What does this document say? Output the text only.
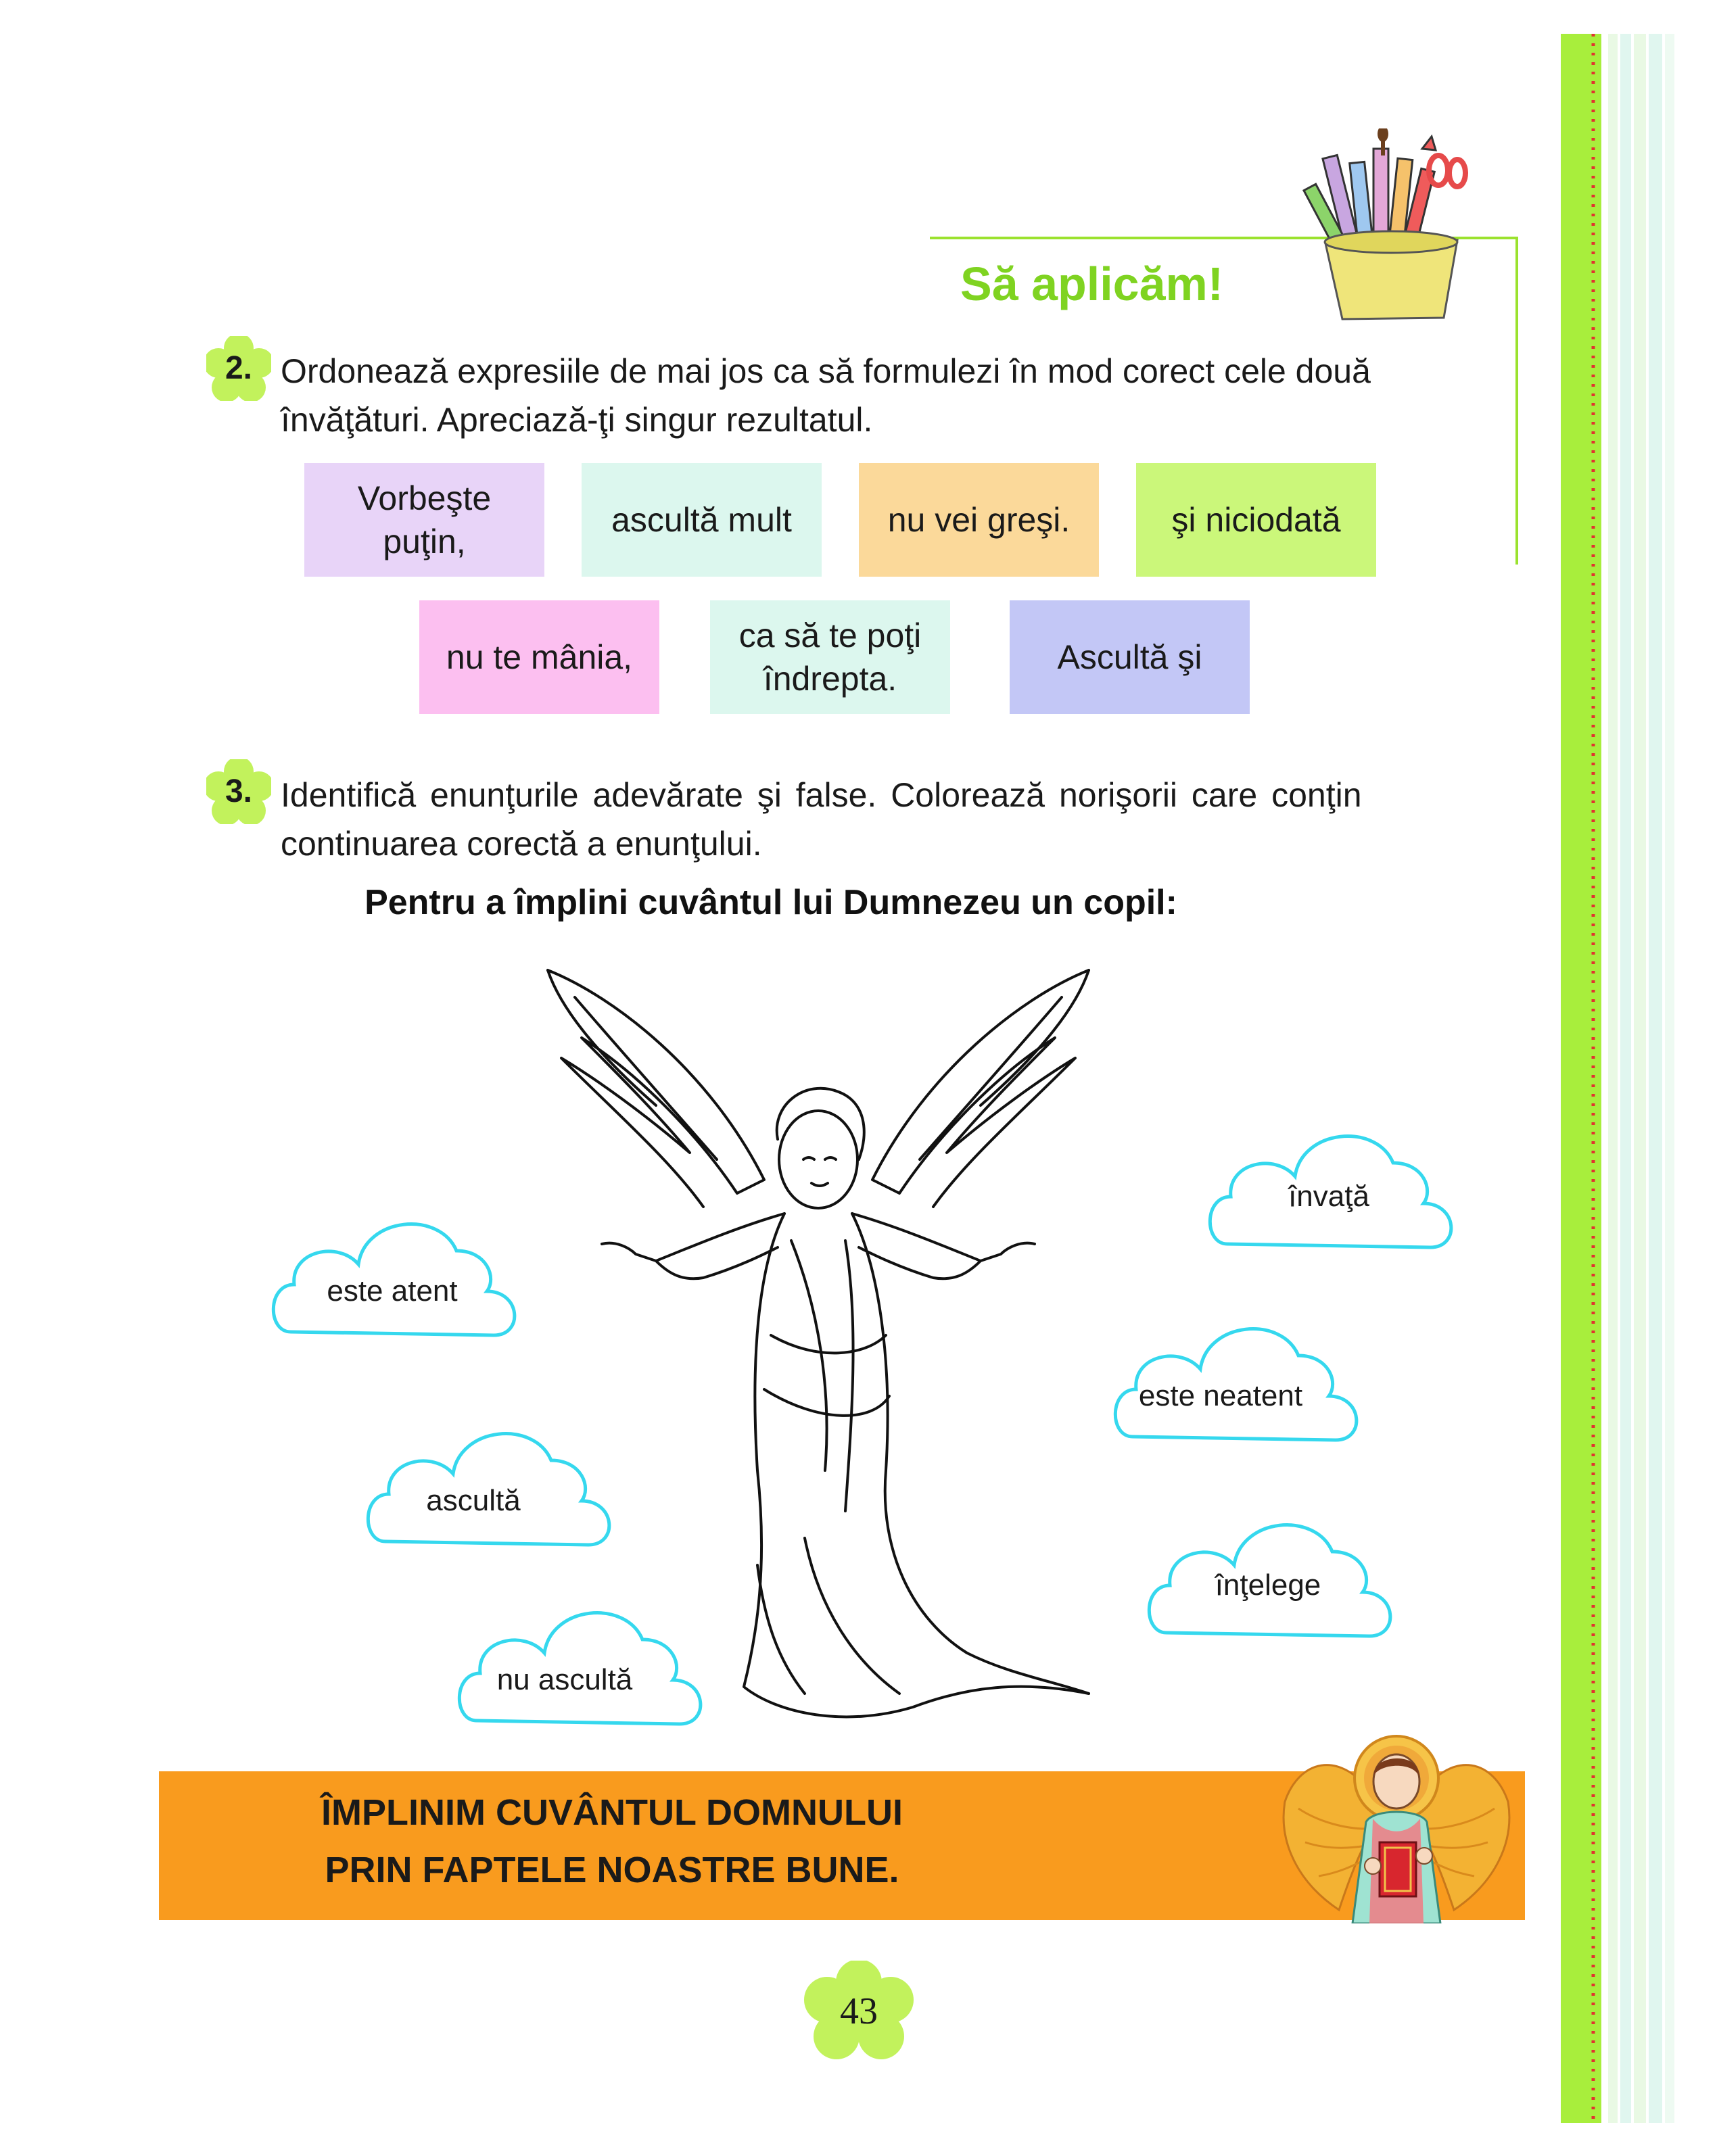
Să aplicăm!
2. Ordonează expresiile de mai jos ca să formulezi în mod corect cele două
învăţături. Apreciază-ţi singur rezultatul.
Vorbeşte
puţin,
ascultă mult	nu vei greşi.	şi niciodată
nu te mânia,
ca să te poţi
îndrepta.
Ascultă şi
3. Identifică enunţurile adevărate şi false. Colorează norişorii care conţin
continuarea corectă a enunţului.
Pentru a împlini cuvântul lui Dumnezeu un copil:
învaţă
este atent
este neatent
ascultă
înţelege
nu ascultă
ÎMPLINIM CUVÂNTUL DOMNULUI
PRIN FAPTELE NOASTRE BUNE.
43
